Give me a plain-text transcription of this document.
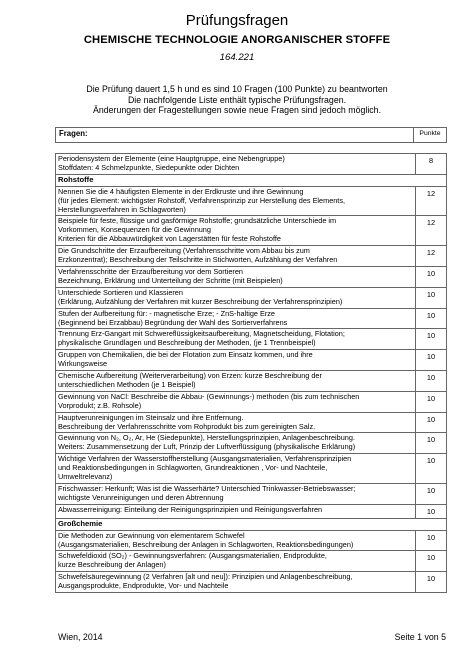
Prüfungsfragen
CHEMISCHE TECHNOLOGIE ANORGANISCHER STOFFE
164.221
Die Prüfung dauert 1,5 h und es sind 10 Fragen (100 Punkte) zu beantworten
Die nachfolgende Liste enthält typische Prüfungsfragen.
Änderungen der Fragestellungen sowie neue Fragen sind jedoch möglich.
Fragen:	Punkte
Periodensystem der Elemente (eine Hauptgruppe, eine Nebengruppe)
Stoffdaten: 4 Schmelzpunkte, Siedepunkte oder Dichten	8
Rohstoffe	

Nennen Sie die 4 häufigsten Elemente in der Erdkruste und ihre Gewinnung
(für jedes Element: wichtigster Rohstoff, Verfahrensprinzip zur Herstellung des Elements,
Herstellungsverfahren in Schlagworten)	12

Beispiele für feste, flüssige und gasförmige Rohstoffe; grundsätzliche Unterschiede im
Vorkommen, Konsequenzen für die Gewinnung
Kriterien für die Abbauwürdigkeit von Lagerstätten für feste Rohstoffe	12

Die Grundschritte der Erzaufbereitung (Verfahrensschritte vom Abbau bis zum
Erzkonzentrat); Beschreibung der Teilschritte in Stichworten, Aufzählung der Verfahren	12

Verfahrensschritte der Erzaufbereitung vor dem Sortieren
Bezeichnung, Erklärung und Unterteilung der Schritte (mit Beispielen)	10

Unterschiede Sortieren und Klassieren
(Erklärung, Aufzählung der Verfahren mit kurzer Beschreibung der Verfahrensprinzipien)	10

Stufen der Aufbereitung für: - magnetische Erze; - ZnS-haltige Erze
(Beginnend bei Erzabbau) Begründung der Wahl des Sortierverfahrens	10

Trennung Erz-Gangart mit Schwereflüssigkeitsaufbereitung, Magnetscheidung, Flotation;
physikalische Grundlagen und Beschreibung der Methoden, (je 1 Trennbeispiel)	10

Gruppen von Chemikalien, die bei der Flotation zum Einsatz kommen, und ihre
Wirkungsweise	10

Chemische Aufbereitung (Weiterverarbeitung) von Erzen: kurze Beschreibung der
unterschiedlichen Methoden (je 1 Beispiel)	10

Gewinnung von NaCl: Beschreibe die Abbau- (Gewinnungs-) methoden (bis zum technischen
Vorprodukt; z.B. Rohsole)	10

Hauptverunreinigungen im Steinsalz und ihre Entfernung.
Beschreibung der Verfahrensschritte vom Rohprodukt bis zum gereinigten Salz.	10

Gewinnung von N₂, O₂, Ar, He (Siedepunkte), Herstellungsprinzipien, Anlagenbeschreibung.
Weiters: Zusammensetzung der Luft, Prinzip der Luftverflüssigung (physikalische Erklärung)	10

Wichtige Verfahren der Wasserstoffherstellung (Ausgangsmaterialien, Verfahrensprinzipien
und Reaktionsbedingungen in Schlagworten, Grundreaktionen , Vor- und Nachteile,
Umweltrelevanz)	10

Frischwasser: Herkunft; Was ist die Wasserhärte? Unterschied Trinkwasser-Betriebswasser;
wichtigste Verunreinigungen und deren Abtrennung	10

Abwasserreinigung: Einteilung der Reinigungsprinzipien und Reinigungsverfahren	10
Großchemie	

Die Methoden zur Gewinnung von elementarem Schwefel
(Ausgangsmaterialien, Beschreibung der Anlagen in Schlagworten, Reaktionsbedingungen)	10

Schwefeldioxid (SO₂) - Gewinnungsverfahren: (Ausgangsmaterialien, Endprodukte,
kurze Beschreibung der Anlagen)	10

Schwefelsäuregewinnung (2 Verfahren [alt und neu]): Prinzipien und Anlagenbeschreibung,
Ausgangsprodukte, Endprodukte, Vor- und Nachteile	10
Wien, 2014	Seite 1 von 5
